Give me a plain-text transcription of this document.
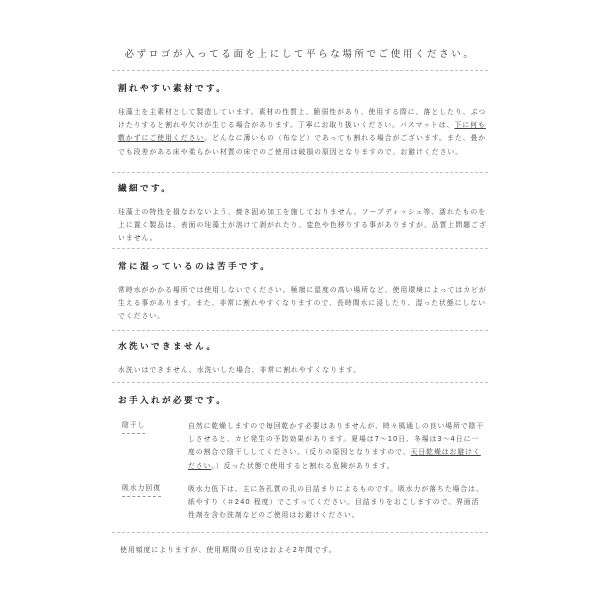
必ずロゴが入ってる面を上にして平らな場所でご使用ください。

割れやすい素材です。

珪藻土を主素材として製造しています。素材の性質上、脆弱性があり、使用する際に、落としたり、ぶつけたりすると割れや欠けが生じる場合があります。丁寧にお取り扱いください。バスマットは、下に何も敷かずにご使用ください。どんなに薄いもの（布など）であっても割れる場合がございます。また、畳かでも段差がある床や柔らかい材質の床でのご使用は破損の原因となりますので、お避けください。

繊細です。

珪藻土の特性を損なわないよう、焼き固め加工を施しておりません。ソープディッシュ等、濡れたものを上に置く製品は、表面の珪藻土が溶けて剥がれたり、変色や色移りする事がありますが、品質上問題ございません。

常に湿っているのは苦手です。

常時水がかかる場所では使用しないでください。極端に湿度の高い場所など、使用環境によってはカビが生える事があります。また、非常に割れやすくなりますので、長時間水に浸したり、湿った状態にしないでください。

水洗いできません。

水洗いはできません。水洗いした場合、非常に割れやすくなります。

お手入れが必要です。

陰干し	自然に乾燥しますので毎回乾かす必要はありませんが、時々風通しの良い場所で陰干しさせると、カビ発生の予防効果があります。夏場は7〜10日、冬場は3〜4日に一度の割合で陰干ししてください。（反りの原因となりますので、天日乾燥はお避けください。）反った状態で使用すると割れる危険があります。
吸水力回復	吸水力低下は、主に各孔質の孔の目詰まりによるものです。吸水力が落ちた場合は、紙やすり（＃240 程度）でこすってください。目詰まりをおこしますので、界面活性剤を含む洗剤などのご使用はお避けください。
使用頻度によりますが、使用期間の目安はおよそ2年間です。
